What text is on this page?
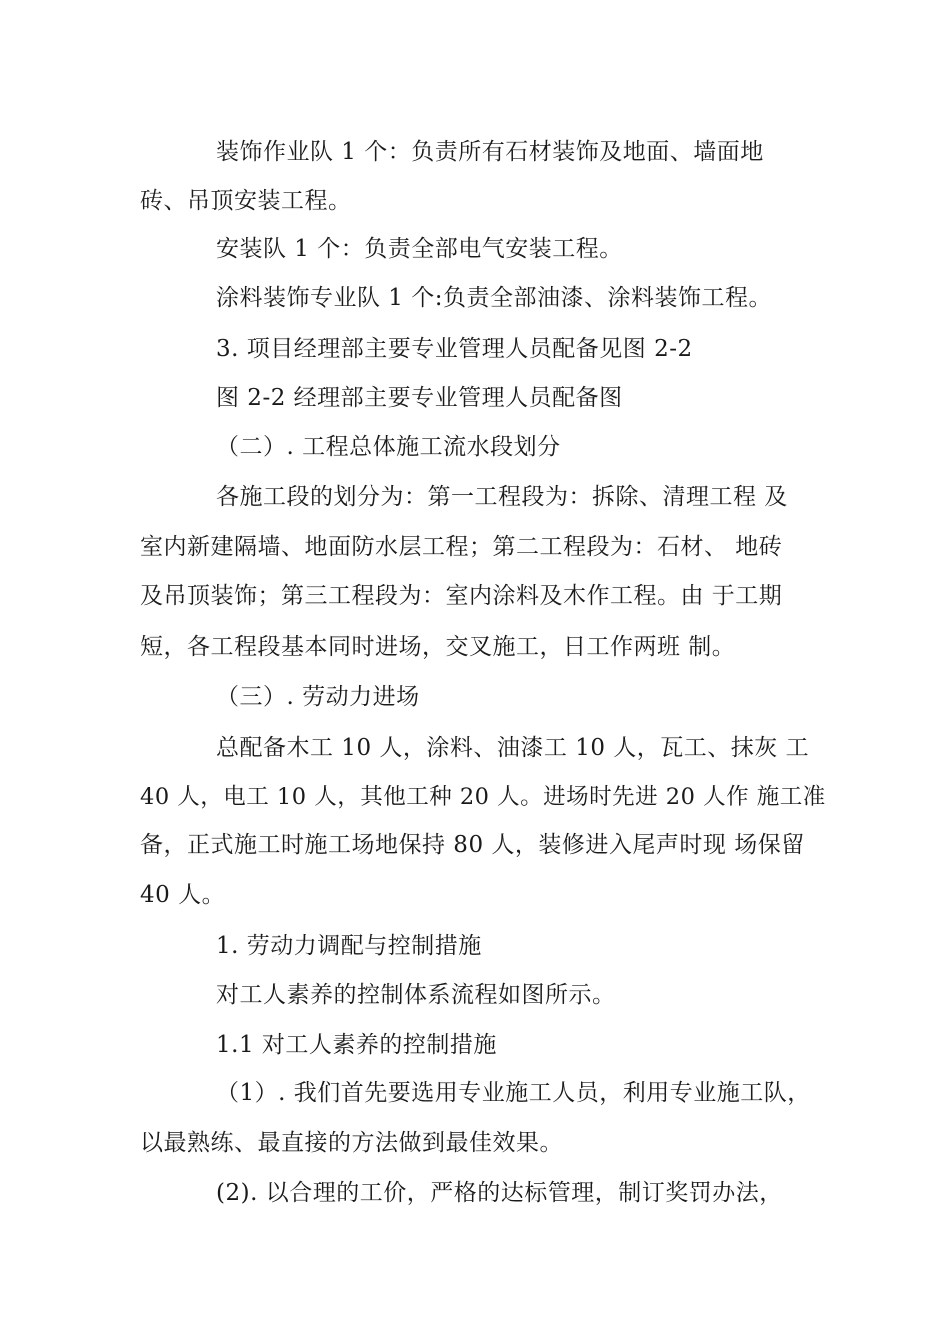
装饰作业队 1 个：负责所有石材装饰及地面、墙面地
砖、吊顶安装工程。
安装队 1 个：负责全部电气安装工程。
涂料装饰专业队 1 个:负责全部油漆、涂料装饰工程。
3. 项目经理部主要专业管理人员配备见图 2-2
图 2-2 经理部主要专业管理人员配备图
（二）. 工程总体施工流水段划分
各施工段的划分为：第一工程段为：拆除、清理工程 及
室内新建隔墙、地面防水层工程；第二工程段为：石材、 地砖
及吊顶装饰；第三工程段为：室内涂料及木作工程。由 于工期
短，各工程段基本同时进场，交叉施工，日工作两班 制。
（三）. 劳动力进场
总配备木工 10 人，涂料、油漆工 10 人，瓦工、抹灰 工
40 人，电工 10 人，其他工种 20 人。进场时先进 20 人作 施工准
备，正式施工时施工场地保持 80 人，装修进入尾声时现 场保留
40 人。
1. 劳动力调配与控制措施
对工人素养的控制体系流程如图所示。
1.1 对工人素养的控制措施
（1）. 我们首先要选用专业施工人员，利用专业施工队，
以最熟练、最直接的方法做到最佳效果。
(2). 以合理的工价，严格的达标管理，制订奖罚办法，
